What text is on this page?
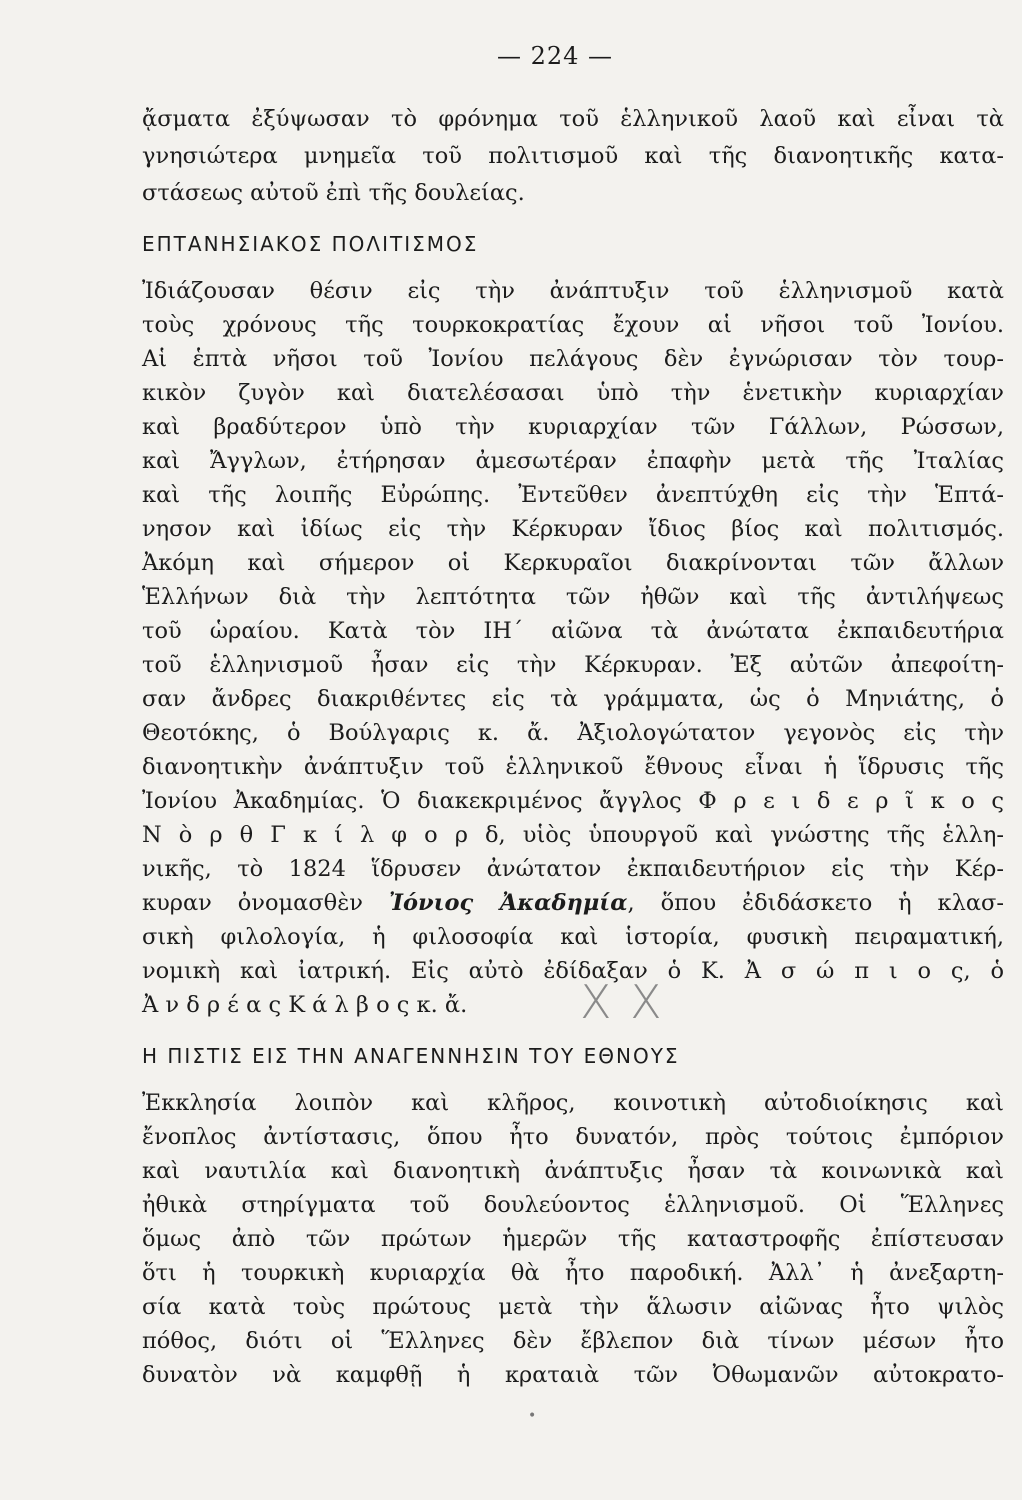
— 224 —
ᾄσματα ἐξύψωσαν τὸ φρόνημα τοῦ ἑλληνικοῦ λαοῦ καὶ εἶναι τὰ
γνησιώτερα μνημεῖα τοῦ πολιτισμοῦ καὶ τῆς διανοητικῆς κατα-
στάσεως αὐτοῦ ἐπὶ τῆς δουλείας.
ΕΠΤΑΝΗΣΙΑΚΟΣ ΠΟΛΙΤΙΣΜΟΣ
Ἰδιάζουσαν θέσιν εἰς τὴν ἀνάπτυξιν τοῦ ἑλληνισμοῦ κατὰ
τοὺς χρόνους τῆς τουρκοκρατίας ἔχουν αἱ νῆσοι τοῦ Ἰονίου.
Αἱ ἑπτὰ νῆσοι τοῦ Ἰονίου πελάγους δὲν ἐγνώρισαν τὸν τουρ-
κικὸν ζυγὸν καὶ διατελέσασαι ὑπὸ τὴν ἑνετικὴν κυριαρχίαν
καὶ βραδύτερον ὑπὸ τὴν κυριαρχίαν τῶν Γάλλων, Ρώσσων,
καὶ Ἄγγλων, ἐτήρησαν ἀμεσωτέραν ἐπαφὴν μετὰ τῆς Ἰταλίας
καὶ τῆς λοιπῆς Εὐρώπης. Ἐντεῦθεν ἀνεπτύχθη εἰς τὴν Ἑπτά-
νησον καὶ ἰδίως εἰς τὴν Κέρκυραν ἴδιος βίος καὶ πολιτισμός.
Ἀκόμη καὶ σήμερον οἱ Κερκυραῖοι διακρίνονται τῶν ἄλλων
Ἑλλήνων διὰ τὴν λεπτότητα τῶν ἠθῶν καὶ τῆς ἀντιλήψεως
τοῦ ὡραίου. Κατὰ τὸν ΙΗ΄ αἰῶνα τὰ ἀνώτατα ἐκπαιδευτήρια
τοῦ ἑλληνισμοῦ ἦσαν εἰς τὴν Κέρκυραν. Ἐξ αὐτῶν ἀπεφοίτη-
σαν ἄνδρες διακριθέντες εἰς τὰ γράμματα, ὡς ὁ Μηνιάτης, ὁ
Θεοτόκης, ὁ Βούλγαρις κ. ἄ. Ἀξιολογώτατον γεγονὸς εἰς τὴν
διανοητικὴν ἀνάπτυξιν τοῦ ἑλληνικοῦ ἔθνους εἶναι ἡ ἵδρυσις τῆς
Ἰονίου Ἀκαδημίας. Ὁ διακεκριμένος ἄγγλος Φ ρ ε ι δ ε ρ ῖ κ ο ς
Ν ὸ ρ θ Γ κ ί λ φ ο ρ δ, υἱὸς ὑπουργοῦ καὶ γνώστης τῆς ἑλλη-
νικῆς, τὸ 1824 ἵδρυσεν ἀνώτατον ἐκπαιδευτήριον εἰς τὴν Κέρ-
κυραν ὀνομασθὲν Ἰόνιος Ἀκαδημία, ὅπου ἐδιδάσκετο ἡ κλασ-
σικὴ φιλολογία, ἡ φιλοσοφία καὶ ἱστορία, φυσικὴ πειραματική,
νομικὴ καὶ ἰατρική. Εἰς αὐτὸ ἐδίδαξαν ὁ Κ. Ἀ σ ώ π ι ο ς, ὁ
Ἀ ν δ ρ έ α ς Κ ά λ β ο ς κ. ἄ.	X X
Η ΠΙΣΤΙΣ ΕΙΣ ΤΗΝ ΑΝΑΓΕΝΝΗΣΙΝ ΤΟΥ ΕΘΝΟΥΣ
Ἐκκλησία λοιπὸν καὶ κλῆρος, κοινοτικὴ αὐτοδιοίκησις καὶ
ἔνοπλος ἀντίστασις, ὅπου ἦτο δυνατόν, πρὸς τούτοις ἐμπόριον
καὶ ναυτιλία καὶ διανοητικὴ ἀνάπτυξις ἦσαν τὰ κοινωνικὰ καὶ
ἠθικὰ στηρίγματα τοῦ δουλεύοντος ἑλληνισμοῦ. Οἱ Ἕλληνες
ὅμως ἀπὸ τῶν πρώτων ἡμερῶν τῆς καταστροφῆς ἐπίστευσαν
ὅτι ἡ τουρκικὴ κυριαρχία θὰ ἦτο παροδική. Ἀλλ᾽ ἡ ἀνεξαρτη-
σία κατὰ τοὺς πρώτους μετὰ τὴν ἅλωσιν αἰῶνας ἦτο ψιλὸς
πόθος, διότι οἱ Ἕλληνες δὲν ἔβλεπον διὰ τίνων μέσων ἦτο
δυνατὸν νὰ καμφθῇ ἡ κραταιὰ τῶν Ὀθωμανῶν αὐτοκρατο-
•
